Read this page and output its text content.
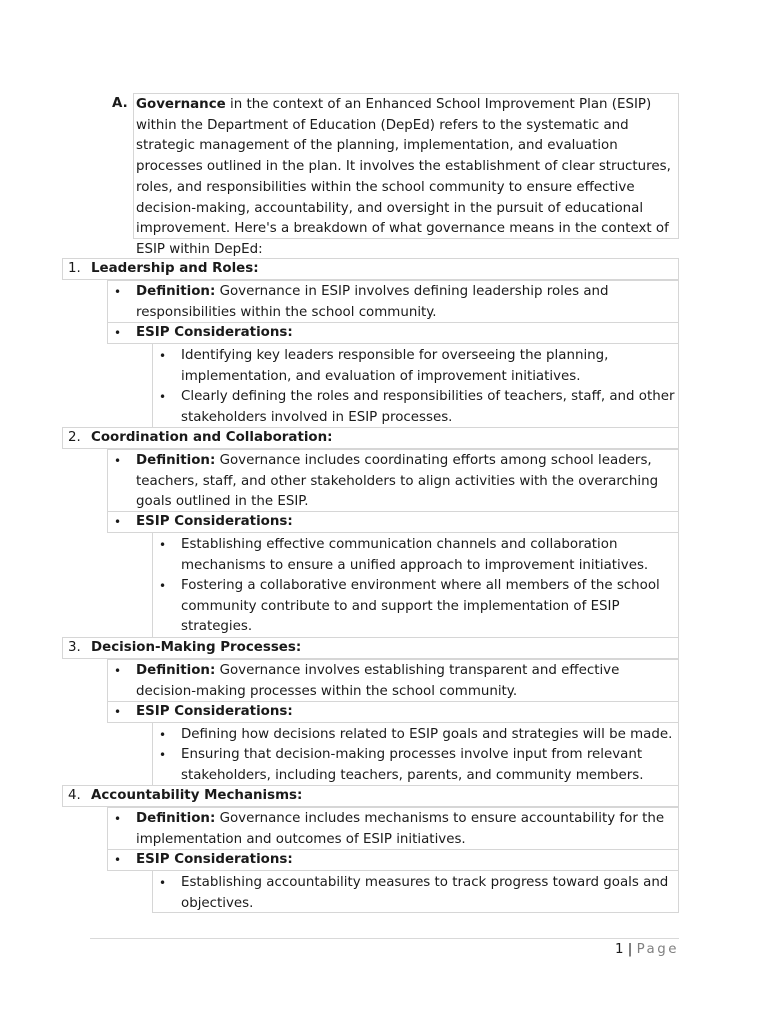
A. Governance in the context of an Enhanced School Improvement Plan (ESIP) within the Department of Education (DepEd) refers to the systematic and strategic management of the planning, implementation, and evaluation processes outlined in the plan. It involves the establishment of clear structures, roles, and responsibilities within the school community to ensure effective decision-making, accountability, and oversight in the pursuit of educational improvement. Here's a breakdown of what governance means in the context of ESIP within DepEd:
1. Leadership and Roles:
• Definition: Governance in ESIP involves defining leadership roles and responsibilities within the school community.
• ESIP Considerations:
• Identifying key leaders responsible for overseeing the planning, implementation, and evaluation of improvement initiatives.
• Clearly defining the roles and responsibilities of teachers, staff, and other stakeholders involved in ESIP processes.
2. Coordination and Collaboration:
• Definition: Governance includes coordinating efforts among school leaders, teachers, staff, and other stakeholders to align activities with the overarching goals outlined in the ESIP.
• ESIP Considerations:
• Establishing effective communication channels and collaboration mechanisms to ensure a unified approach to improvement initiatives.
• Fostering a collaborative environment where all members of the school community contribute to and support the implementation of ESIP strategies.
3. Decision-Making Processes:
• Definition: Governance involves establishing transparent and effective decision-making processes within the school community.
• ESIP Considerations:
• Defining how decisions related to ESIP goals and strategies will be made.
• Ensuring that decision-making processes involve input from relevant stakeholders, including teachers, parents, and community members.
4. Accountability Mechanisms:
• Definition: Governance includes mechanisms to ensure accountability for the implementation and outcomes of ESIP initiatives.
• ESIP Considerations:
• Establishing accountability measures to track progress toward goals and objectives.
1 | Page
